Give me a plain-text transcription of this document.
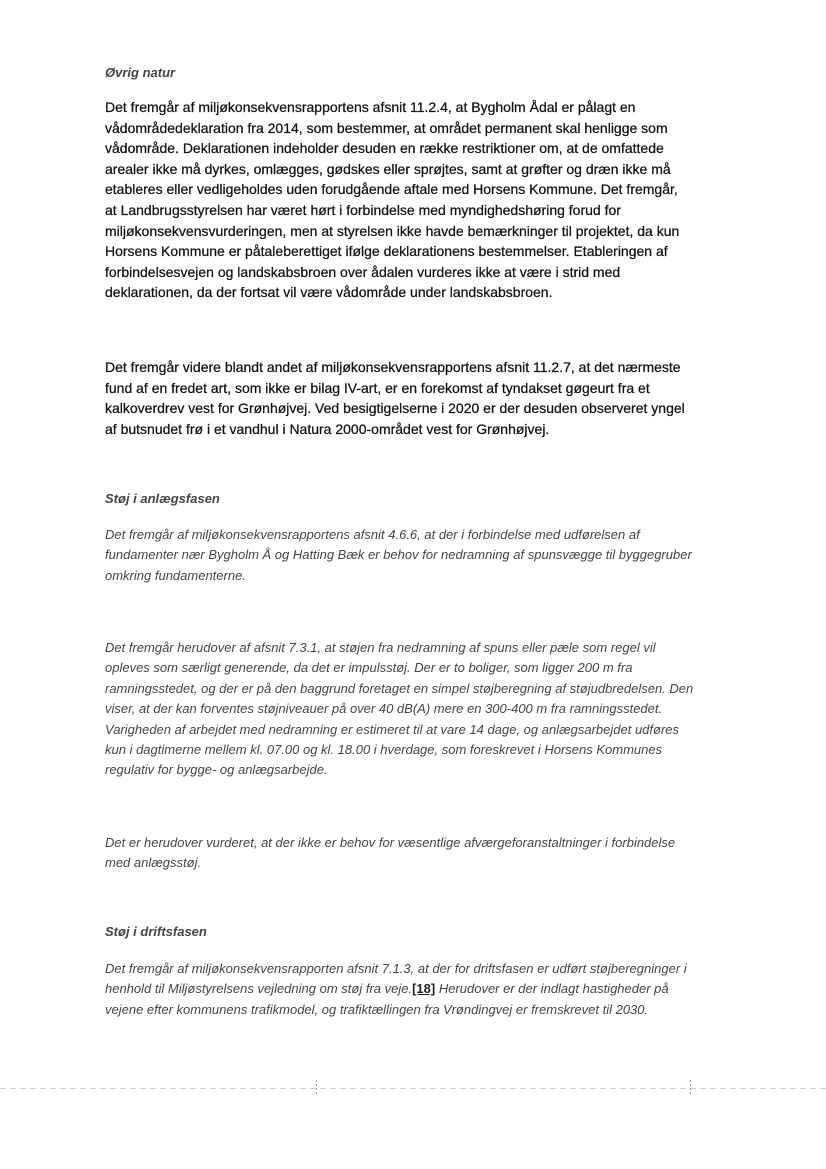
Øvrig natur

Det fremgår af miljøkonsekvensrapportens afsnit 11.2.4, at Bygholm Ådal er pålagt en
vådområdedeklaration fra 2014, som bestemmer, at området permanent skal henligge som
vådområde. Deklarationen indeholder desuden en række restriktioner om, at de omfattede
arealer ikke må dyrkes, omlægges, gødskes eller sprøjtes, samt at grøfter og dræn ikke må
etableres eller vedligeholdes uden forudgående aftale med Horsens Kommune. Det fremgår,
at Landbrugsstyrelsen har været hørt i forbindelse med myndighedshøring forud for
miljøkonsekvensvurderingen, men at styrelsen ikke havde bemærkninger til projektet, da kun
Horsens Kommune er påtaleberettiget ifølge deklarationens bestemmelser. Etableringen af
forbindelsesvejen og landskabsbroen over ådalen vurderes ikke at være i strid med
deklarationen, da der fortsat vil være vådområde under landskabsbroen.

Det fremgår videre blandt andet af miljøkonsekvensrapportens afsnit 11.2.7, at det nærmeste
fund af en fredet art, som ikke er bilag IV-art, er en forekomst af tyndakset gøgeurt fra et
kalkoverdrev vest for Grønhøjvej. Ved besigtigelserne i 2020 er der desuden observeret yngel
af butsnudet frø i et vandhul i Natura 2000-området vest for Grønhøjvej.

Støj i anlægsfasen

Det fremgår af miljøkonsekvensrapportens afsnit 4.6.6, at der i forbindelse med udførelsen af
fundamenter nær Bygholm Å og Hatting Bæk er behov for nedramning af spunsvægge til byggegruber
omkring fundamenterne.

Det fremgår herudover af afsnit 7.3.1, at støjen fra nedramning af spuns eller pæle som regel vil
opleves som særligt generende, da det er impulsstøj. Der er to boliger, som ligger 200 m fra
ramningsstedet, og der er på den baggrund foretaget en simpel støjberegning af støjudbredelsen. Den
viser, at der kan forventes støjniveauer på over 40 dB(A) mere en 300-400 m fra ramningsstedet.
Varigheden af arbejdet med nedramning er estimeret til at vare 14 dage, og anlægsarbejdet udføres
kun i dagtimerne mellem kl. 07.00 og kl. 18.00 i hverdage, som foreskrevet i Horsens Kommunes
regulativ for bygge- og anlægsarbejde.

Det er herudover vurderet, at der ikke er behov for væsentlige afværgeforanstaltninger i forbindelse
med anlægsstøj.

Støj i driftsfasen

Det fremgår af miljøkonsekvensrapporten afsnit 7.1.3, at der for driftsfasen er udført støjberegninger i
henhold til Miljøstyrelsens vejledning om støj fra veje.[18] Herudover er der indlagt hastigheder på
vejene efter kommunens trafikmodel, og trafiktællingen fra Vrøndingvej er fremskrevet til 2030.
